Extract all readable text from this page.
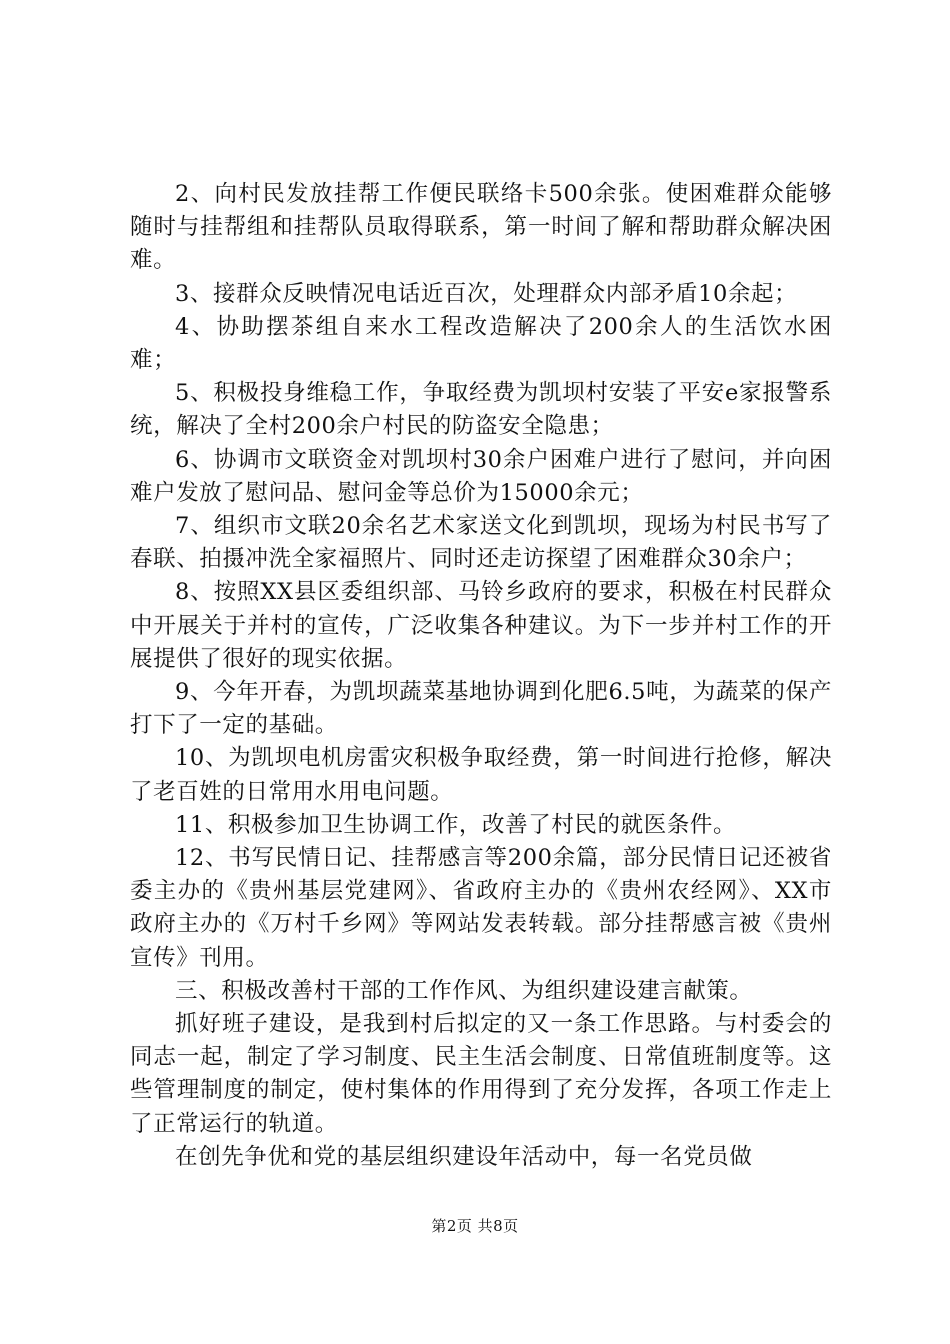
2、向村民发放挂帮工作便民联络卡500余张。使困难群众能够随时与挂帮组和挂帮队员取得联系，第一时间了解和帮助群众解决困难。

3、接群众反映情况电话近百次，处理群众内部矛盾10余起；

4、协助摆茶组自来水工程改造解决了200余人的生活饮水困难；

5、积极投身维稳工作，争取经费为凯坝村安装了平安e家报警系统，解决了全村200余户村民的防盗安全隐患；

6、协调市文联资金对凯坝村30余户困难户进行了慰问，并向困难户发放了慰问品、慰问金等总价为15000余元；

7、组织市文联20余名艺术家送文化到凯坝，现场为村民书写了春联、拍摄冲洗全家福照片、同时还走访探望了困难群众30余户；

8、按照XX县区委组织部、马铃乡政府的要求，积极在村民群众中开展关于并村的宣传，广泛收集各种建议。为下一步并村工作的开展提供了很好的现实依据。

9、今年开春，为凯坝蔬菜基地协调到化肥6.5吨，为蔬菜的保产打下了一定的基础。

10、为凯坝电机房雷灾积极争取经费，第一时间进行抢修，解决了老百姓的日常用水用电问题。

11、积极参加卫生协调工作，改善了村民的就医条件。

12、书写民情日记、挂帮感言等200余篇，部分民情日记还被省委主办的《贵州基层党建网》、省政府主办的《贵州农经网》、XX市政府主办的《万村千乡网》等网站发表转载。部分挂帮感言被《贵州宣传》刊用。

三、积极改善村干部的工作作风、为组织建设建言献策。

抓好班子建设，是我到村后拟定的又一条工作思路。与村委会的同志一起，制定了学习制度、民主生活会制度、日常值班制度等。这些管理制度的制定，使村集体的作用得到了充分发挥，各项工作走上了正常运行的轨道。

在创先争优和党的基层组织建设年活动中，每一名党员做

第2页 共8页
